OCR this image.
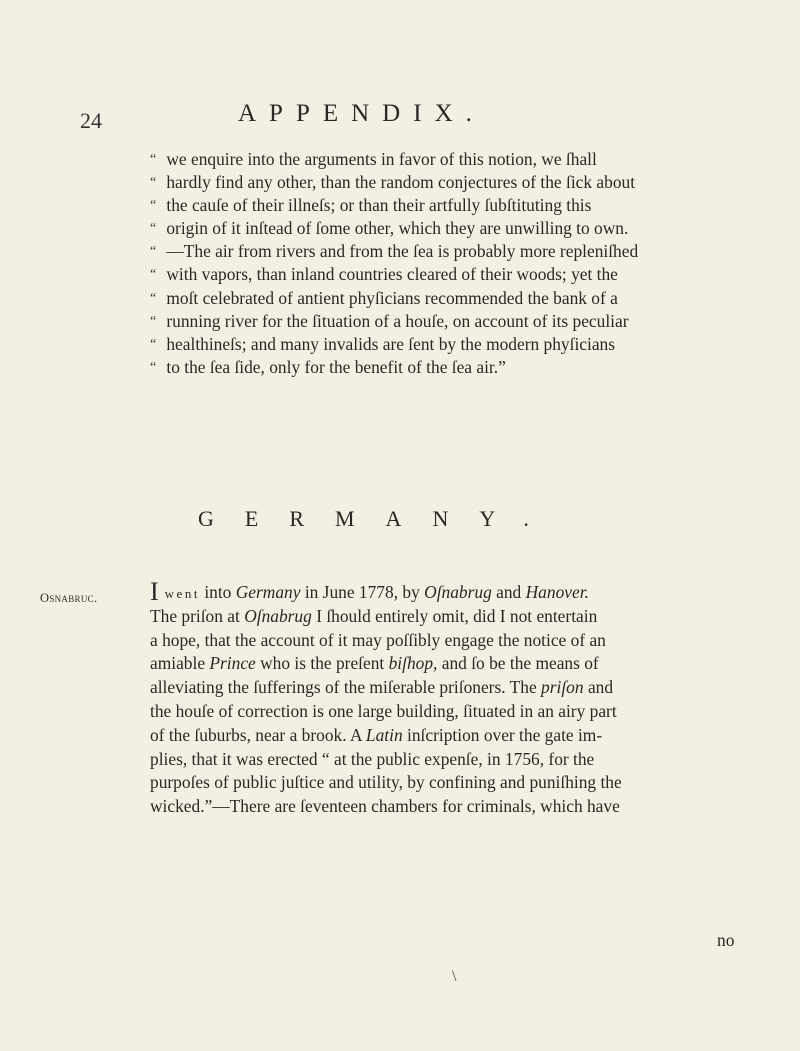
24	APPENDIX.
“ we enquire into the arguments in favor of this notion, we ſhall
“ hardly find any other, than the random conjectures of the ſick about
“ the cauſe of their illneſs; or than their artfully ſubſtituting this
“ origin of it inſtead of ſome other, which they are unwilling to own.
“ —The air from rivers and from the ſea is probably more repleniſhed
“ with vapors, than inland countries cleared of their woods; yet the
“ moſt celebrated of antient phyſicians recommended the bank of a
“ running river for the ſituation of a houſe, on account of its peculiar
“ healthineſs; and many invalids are ſent by the modern phyſicians
“ to the ſea ſide, only for the benefit of the ſea air.”
GERMANY.
Osnabruc. Iwent into Germany in June 1778, by Oſnabrug and Hanover.
The priſon at Oſnabrug I ſhould entirely omit, did I not entertain
a hope, that the account of it may poſſibly engage the notice of an
amiable Prince who is the preſent biſhop, and ſo be the means of
alleviating the ſufferings of the miſerable priſoners. The priſon and
the houſe of correction is one large building, ſituated in an airy part
of the ſuburbs, near a brook. A Latin inſcription over the gate im-
plies, that it was erected “ at the public expenſe, in 1756, for the
purpoſes of public juſtice and utility, by confining and puniſhing the
wicked.”—There are ſeventeen chambers for criminals, which have
no
\
